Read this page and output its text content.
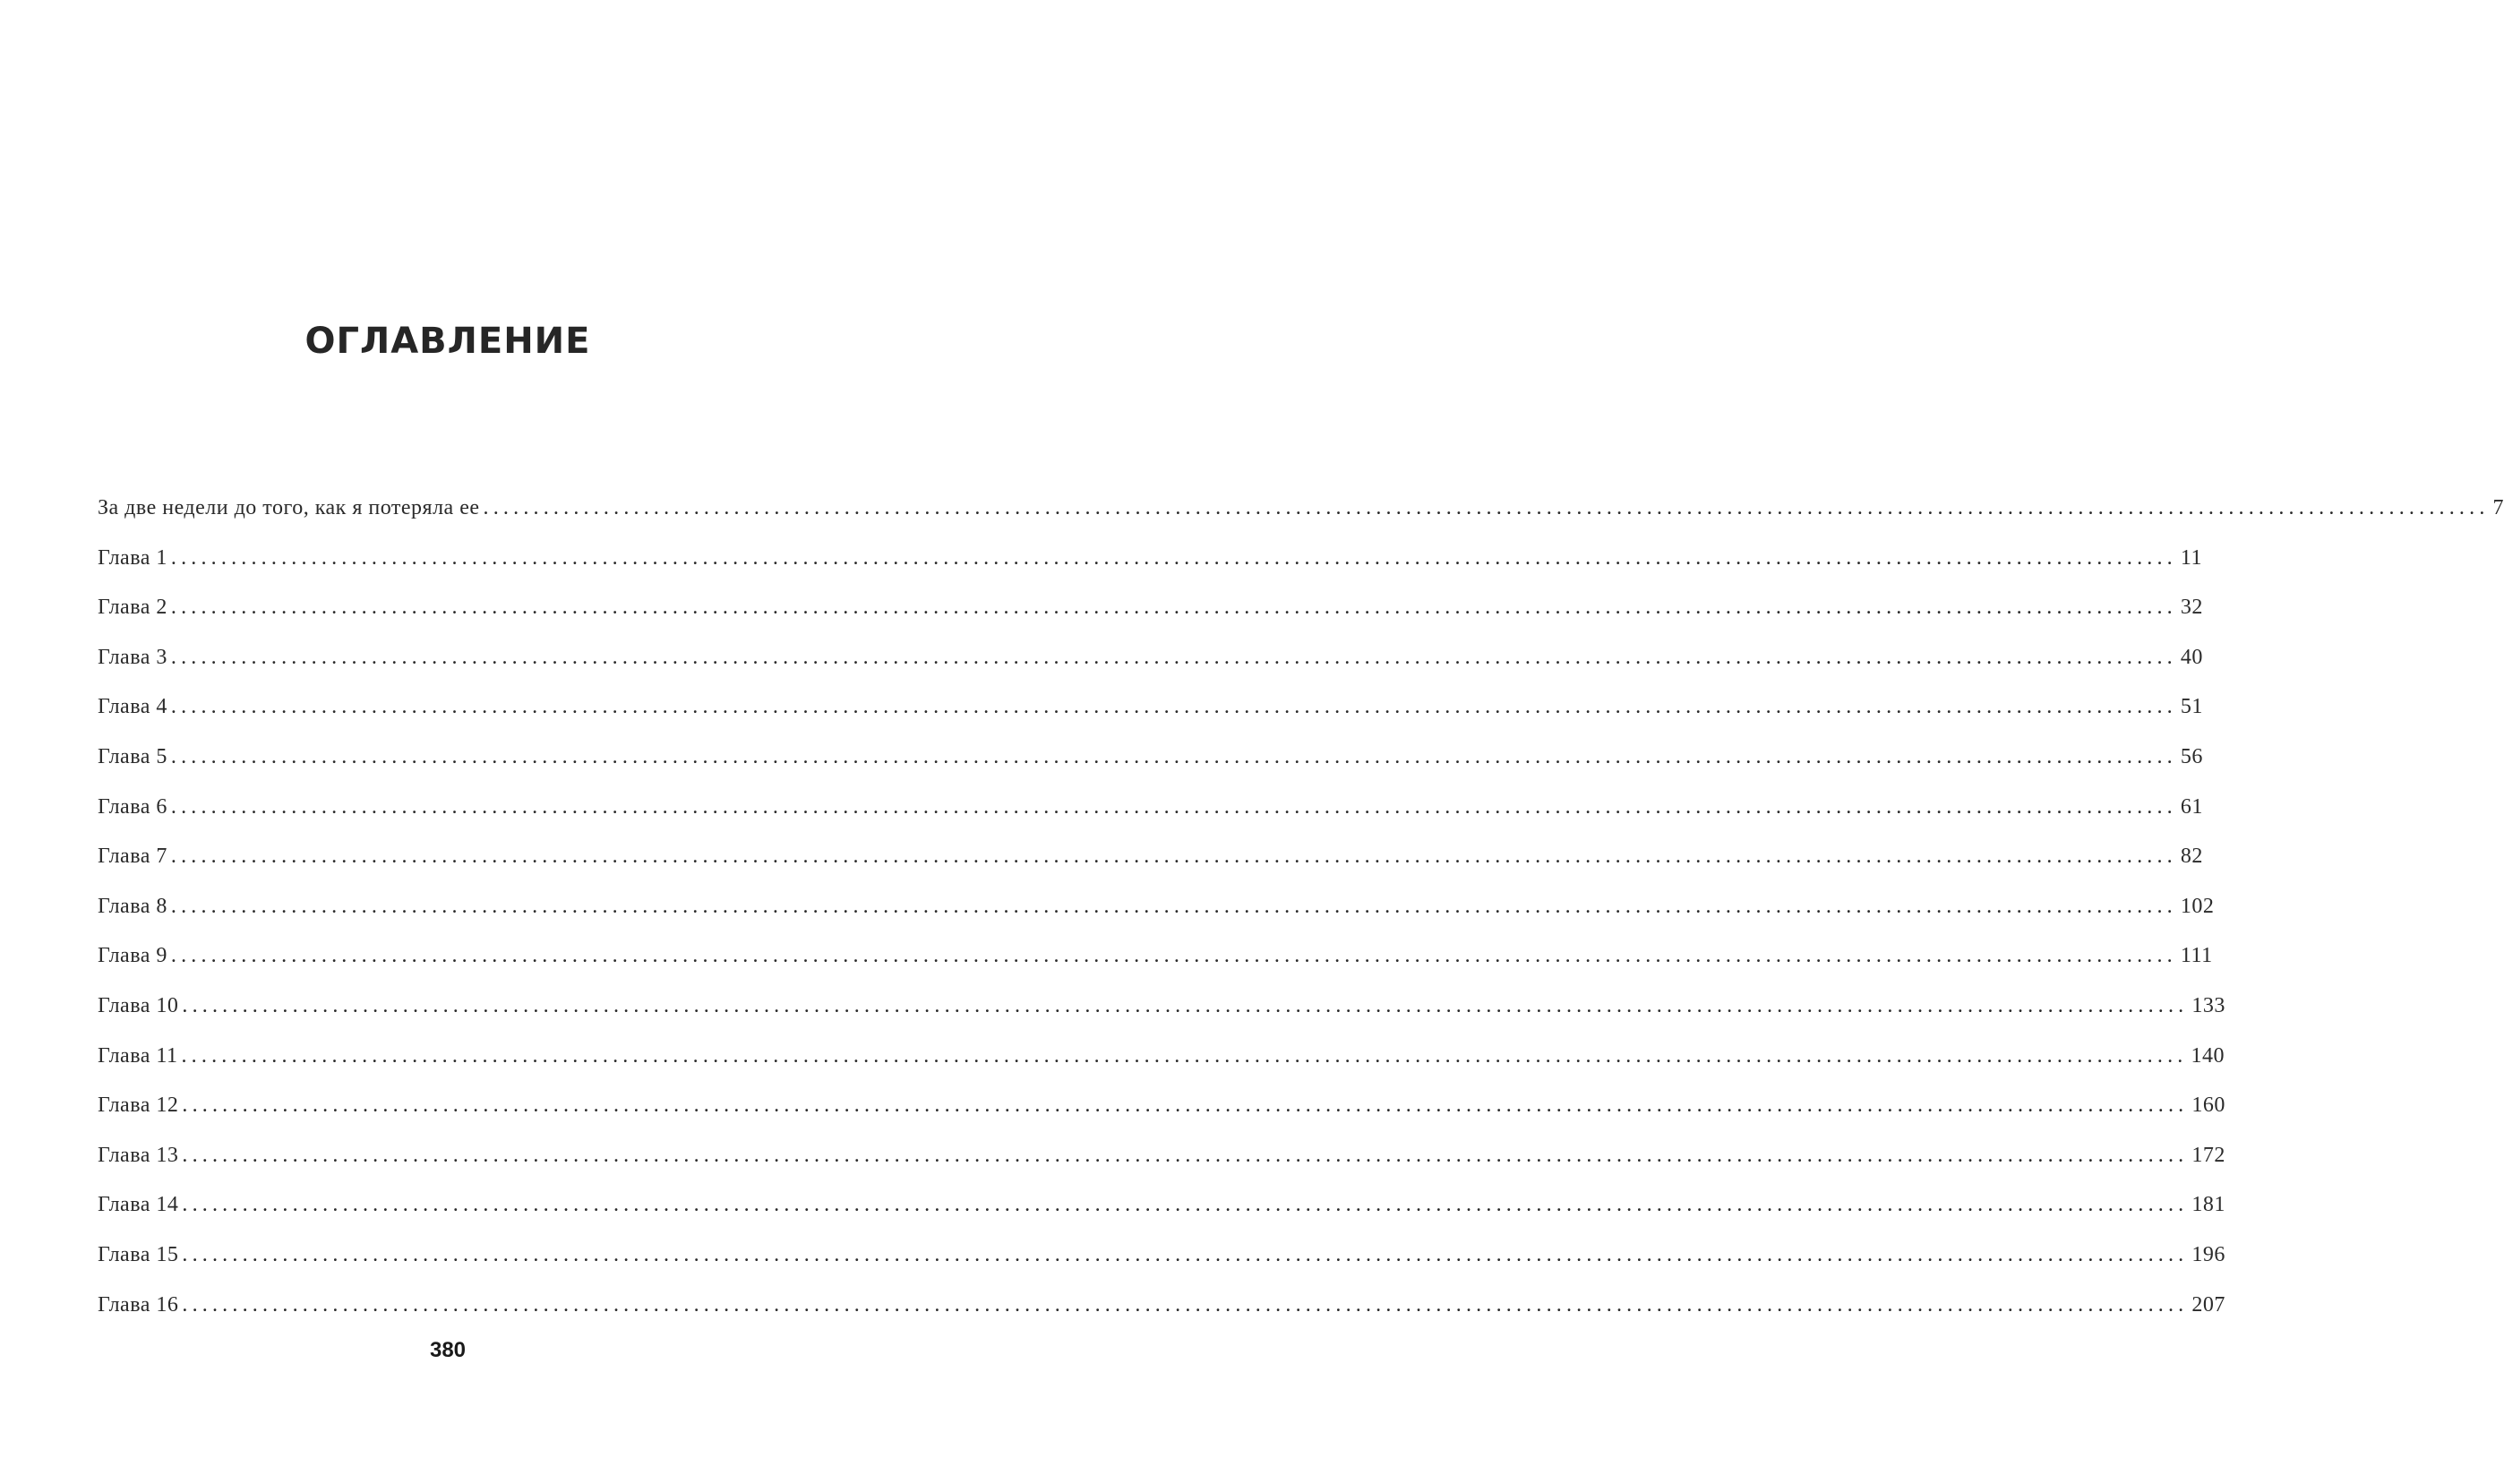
ОГЛАВЛЕНИЕ
За две недели до того, как я потеряла ее ........................................................................................................................................................................................................ 7
Глава 1 ........................................................................................................................................................................................................ 11
Глава 2 ........................................................................................................................................................................................................ 32
Глава 3 ........................................................................................................................................................................................................ 40
Глава 4 ........................................................................................................................................................................................................ 51
Глава 5 ........................................................................................................................................................................................................ 56
Глава 6 ........................................................................................................................................................................................................ 61
Глава 7 ........................................................................................................................................................................................................ 82
Глава 8 ........................................................................................................................................................................................................ 102
Глава 9 ........................................................................................................................................................................................................ 111
Глава 10 ........................................................................................................................................................................................................ 133
Глава 11 ........................................................................................................................................................................................................ 140
Глава 12 ........................................................................................................................................................................................................ 160
Глава 13 ........................................................................................................................................................................................................ 172
Глава 14 ........................................................................................................................................................................................................ 181
Глава 15 ........................................................................................................................................................................................................ 196
Глава 16 ........................................................................................................................................................................................................ 207
380
